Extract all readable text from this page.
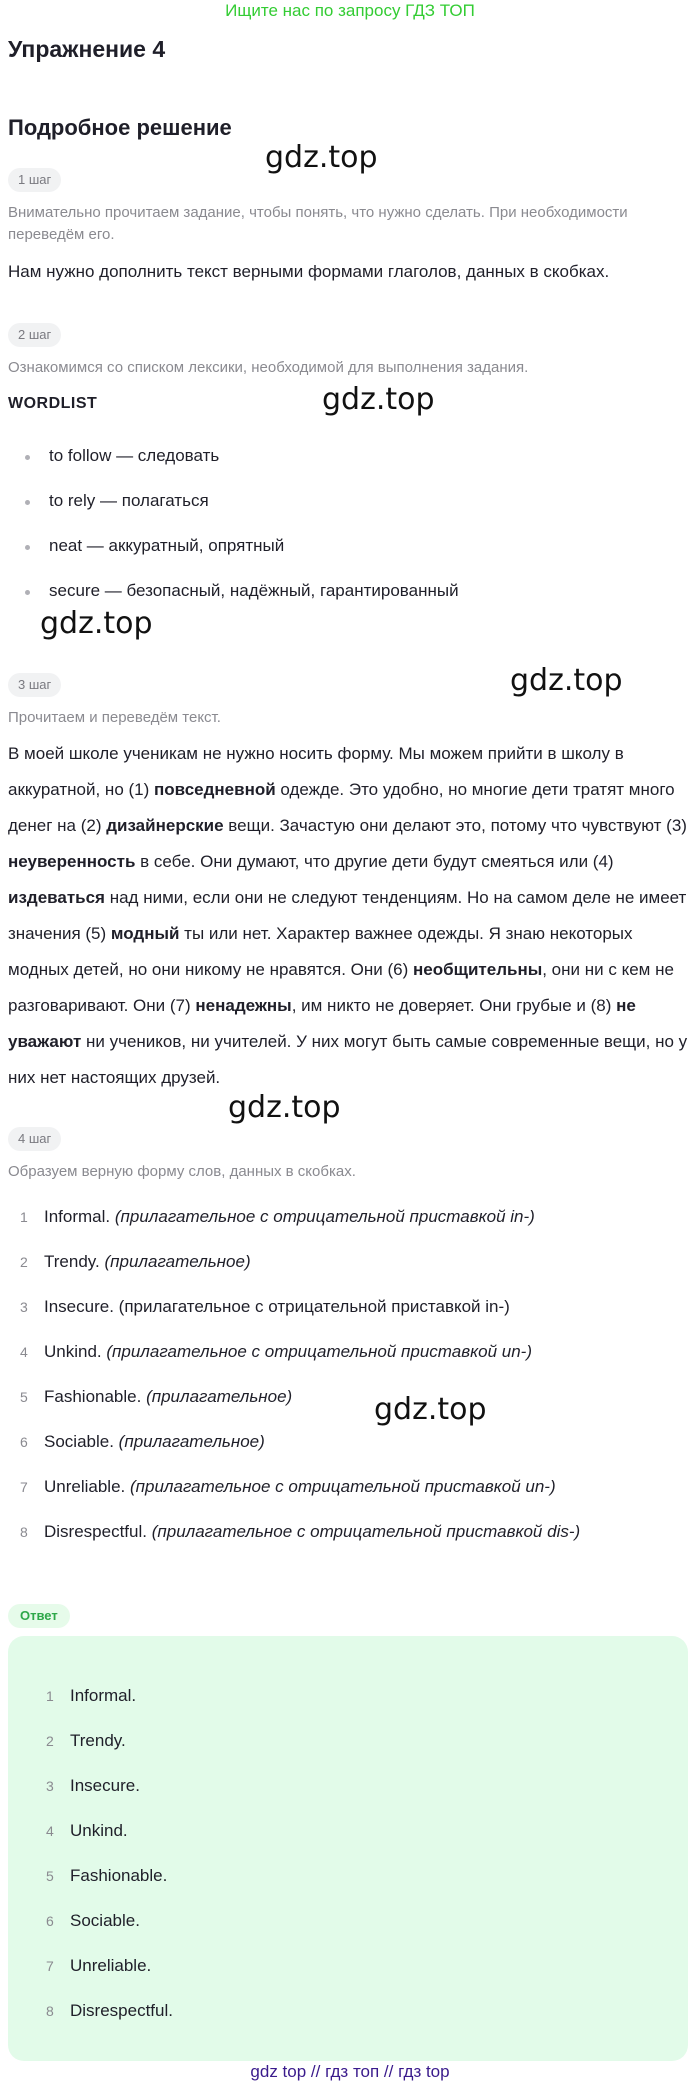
Ищите нас по запросу ГДЗ ТОП
Упражнение 4
Подробное решение
gdz.top
gdz.top
gdz.top
gdz.top
gdz.top
gdz.top
1 шаг
Внимательно прочитаем задание, чтобы понять, что нужно сделать. При необходимости переведём его.
Нам нужно дополнить текст верными формами глаголов, данных в скобках.
2 шаг
Ознакомимся со списком лексики, необходимой для выполнения задания.
WORDLIST
to follow — следовать
to rely — полагаться
neat — аккуратный, опрятный
secure — безопасный, надёжный, гарантированный
3 шаг
Прочитаем и переведём текст.
В моей школе ученикам не нужно носить форму. Мы можем прийти в школу в аккуратной, но (1) повседневной одежде. Это удобно, но многие дети тратят много денег на (2) дизайнерские вещи. Зачастую они делают это, потому что чувствуют (3) неуверенность в себе. Они думают, что другие дети будут смеяться или (4) издеваться над ними, если они не следуют тенденциям. Но на самом деле не имеет значения (5) модный ты или нет. Характер важнее одежды. Я знаю некоторых модных детей, но они никому не нравятся. Они (6) необщительны, они ни с кем не разговаривают. Они (7) ненадежны, им никто не доверяет. Они грубые и (8) не уважают ни учеников, ни учителей. У них могут быть самые современные вещи, но у них нет настоящих друзей.
4 шаг
Образуем верную форму слов, данных в скобках.
1 Informal. (прилагательное с отрицательной приставкой in-)
2 Trendy. (прилагательное)
3 Insecure. (прилагательное с отрицательной приставкой in-)
4 Unkind. (прилагательное с отрицательной приставкой un-)
5 Fashionable. (прилагательное)
6 Sociable. (прилагательное)
7 Unreliable. (прилагательное с отрицательной приставкой un-)
8 Disrespectful. (прилагательное с отрицательной приставкой dis-)
Ответ
1 Informal.
2 Trendy.
3 Insecure.
4 Unkind.
5 Fashionable.
6 Sociable.
7 Unreliable.
8 Disrespectful.
gdz top // гдз топ // гдз top
